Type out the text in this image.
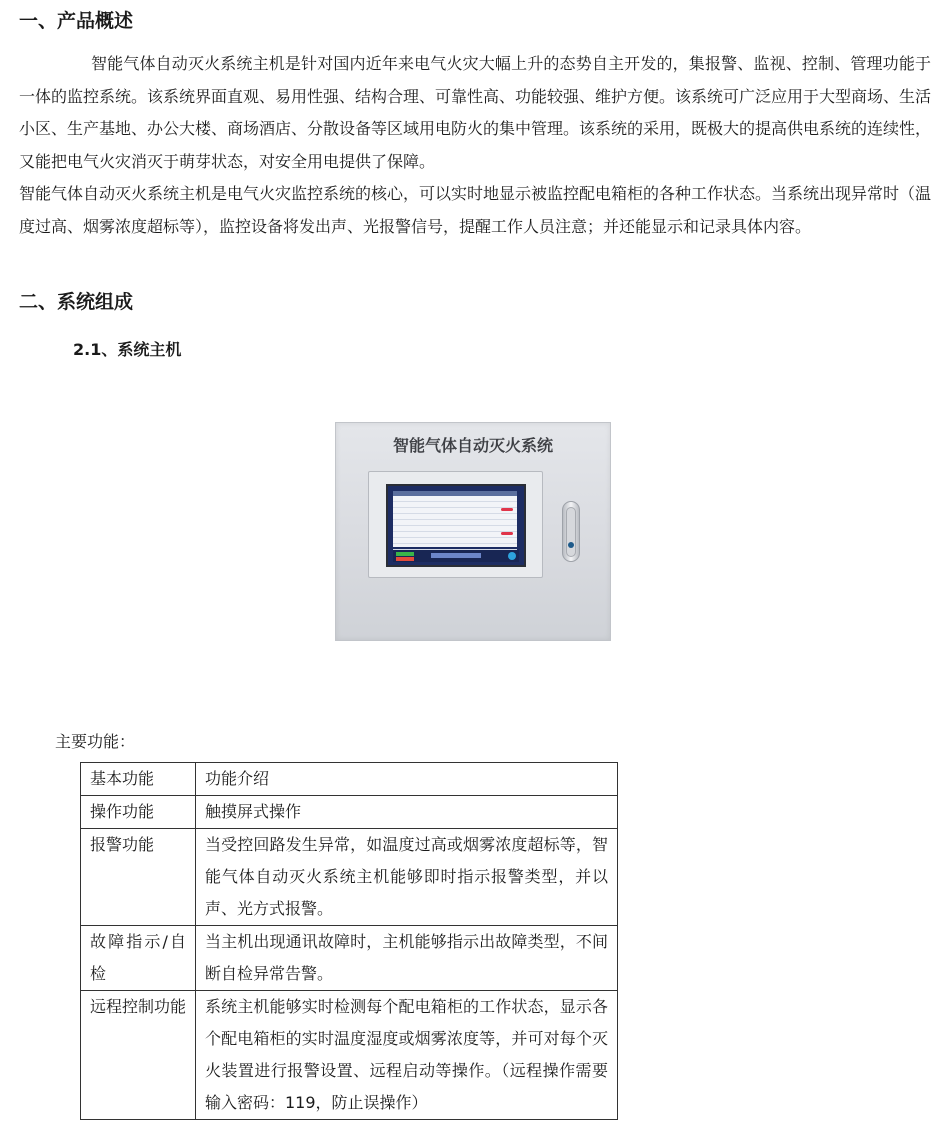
一、产品概述

智能气体自动灭火系统主机是针对国内近年来电气火灾大幅上升的态势自主开发的，集报警、监视、控制、管理功能于一体的监控系统。该系统界面直观、易用性强、结构合理、可靠性高、功能较强、维护方便。该系统可广泛应用于大型商场、生活小区、生产基地、办公大楼、商场酒店、分散设备等区域用电防火的集中管理。该系统的采用，既极大的提高供电系统的连续性，又能把电气火灾消灭于萌芽状态，对安全用电提供了保障。

智能气体自动灭火系统主机是电气火灾监控系统的核心，可以实时地显示被监控配电箱柜的各种工作状态。当系统出现异常时（温度过高、烟雾浓度超标等），监控设备将发出声、光报警信号，提醒工作人员注意；并还能显示和记录具体内容。

二、系统组成
2.1、系统主机
智能气体自动灭火系统

主要功能：

基本功能	功能介绍
操作功能	触摸屏式操作
报警功能	当受控回路发生异常，如温度过高或烟雾浓度超标等，智能气体自动灭火系统主机能够即时指示报警类型，并以声、光方式报警。
故障指示/自检	当主机出现通讯故障时，主机能够指示出故障类型，不间断自检异常告警。
远程控制功能	系统主机能够实时检测每个配电箱柜的工作状态，显示各个配电箱柜的实时温度湿度或烟雾浓度等，并可对每个灭火装置进行报警设置、远程启动等操作。（远程操作需要输入密码：119，防止误操作）
